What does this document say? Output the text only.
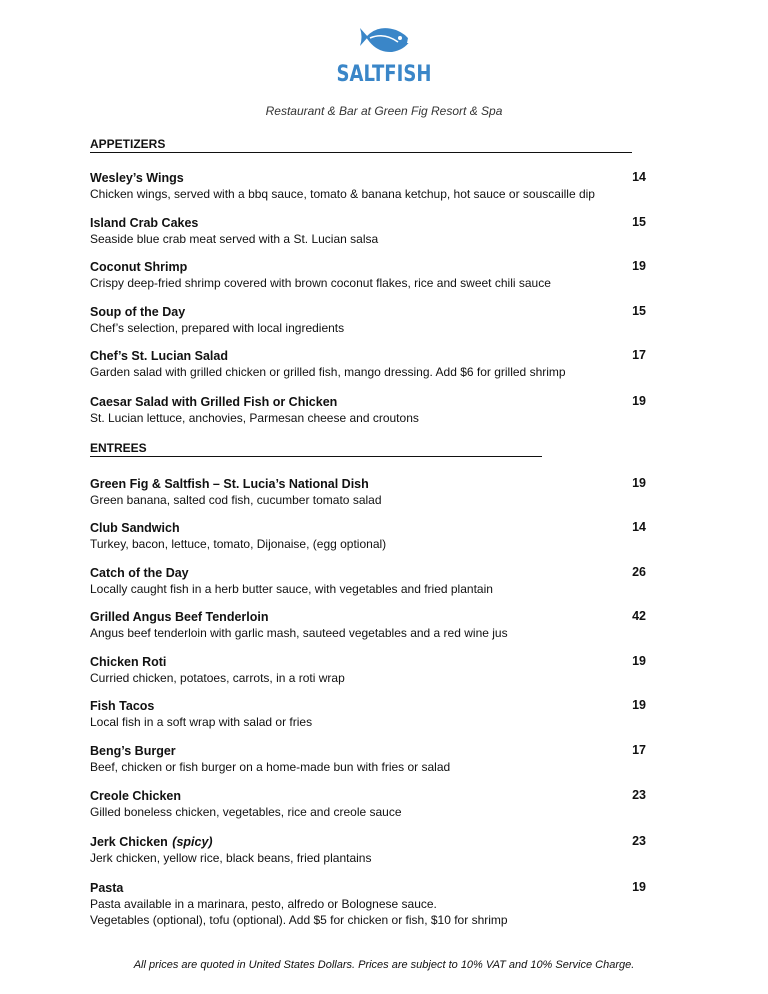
SALTFISH
Restaurant & Bar at Green Fig Resort & Spa
APPETIZERS
Wesley’s Wings	14
Chicken wings, served with a bbq sauce, tomato & banana ketchup, hot sauce or souscaille dip
Island Crab Cakes	15
Seaside blue crab meat served with a St. Lucian salsa
Coconut Shrimp	19
Crispy deep-fried shrimp covered with brown coconut flakes, rice and sweet chili sauce
Soup of the Day	15
Chef’s selection, prepared with local ingredients
Chef’s St. Lucian Salad	17
Garden salad with grilled chicken or grilled fish, mango dressing. Add $6 for grilled shrimp
Caesar Salad with Grilled Fish or Chicken	19
St. Lucian lettuce, anchovies, Parmesan cheese and croutons
ENTREES
Green Fig & Saltfish – St. Lucia’s National Dish	19
Green banana, salted cod fish, cucumber tomato salad
Club Sandwich	14
Turkey, bacon, lettuce, tomato, Dijonaise, (egg optional)
Catch of the Day	26
Locally caught fish in a herb butter sauce, with vegetables and fried plantain
Grilled Angus Beef Tenderloin	42
Angus beef tenderloin with garlic mash, sauteed vegetables and a red wine jus
Chicken Roti	19
Curried chicken, potatoes, carrots, in a roti wrap
Fish Tacos	19
Local fish in a soft wrap with salad or fries
Beng’s Burger	17
Beef, chicken or fish burger on a home-made bun with fries or salad
Creole Chicken	23
Gilled boneless chicken, vegetables, rice and creole sauce
Jerk Chicken (spicy)	23
Jerk chicken, yellow rice, black beans, fried plantains
Pasta	19
Pasta available in a marinara, pesto, alfredo or Bolognese sauce.
Vegetables (optional), tofu (optional). Add $5 for chicken or fish, $10 for shrimp
All prices are quoted in United States Dollars. Prices are subject to 10% VAT and 10% Service Charge.
